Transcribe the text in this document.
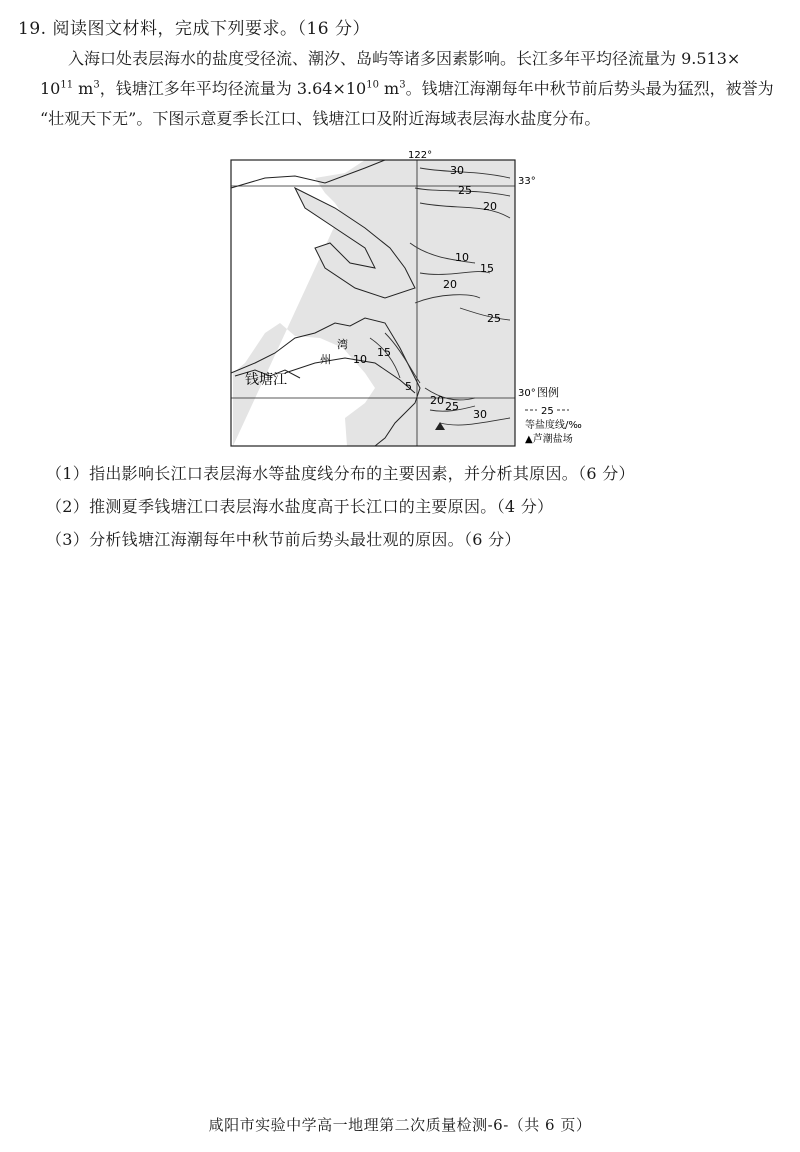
19. 阅读图文材料，完成下列要求。（16 分）
入海口处表层海水的盐度受径流、潮汐、岛屿等诸多因素影响。长江多年平均径流量为 9.513×
$10^{11}$ $m^3$，钱塘江多年平均径流量为 $3.64\times 10^{10}$ $m^3$。钱塘江海潮每年中秋节前后势头最为猛烈，被誉为
“壮观天下无”。下图示意夏季长江口、钱塘江口及附近海域表层海水盐度分布。
30
25
20
10
15
20
25
10
15
5
20 25
30
122°
33°
30°
钱塘江
湾
州
图例
25
等盐度线/‰
▲芦潮盐场
（1）指出影响长江口表层海水等盐度线分布的主要因素，并分析其原因。（6 分）
（2）推测夏季钱塘江口表层海水盐度高于长江口的主要原因。（4 分）
（3）分析钱塘江海潮每年中秋节前后势头最壮观的原因。（6 分）
咸阳市实验中学高一地理第二次质量检测-6-（共 6 页）
